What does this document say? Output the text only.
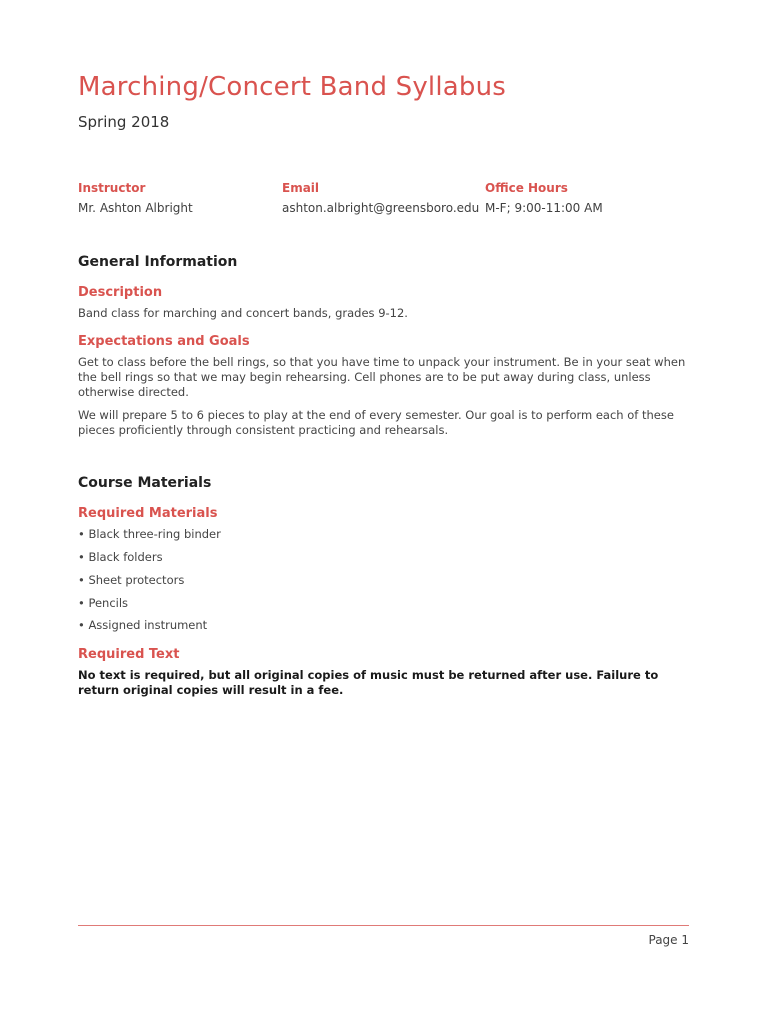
Marching/Concert Band Syllabus
Spring 2018
Instructor
Mr. Ashton Albright
Email
ashton.albright@greensboro.edu
Office Hours
M-F; 9:00-11:00 AM
General Information
Description

Band class for marching and concert bands, grades 9-12.

Expectations and Goals

Get to class before the bell rings, so that you have time to unpack your instrument. Be in your seat when the bell rings so that we may begin rehearsing. Cell phones are to be put away during class, unless otherwise directed.

We will prepare 5 to 6 pieces to play at the end of every semester. Our goal is to perform each of these pieces proficiently through consistent practicing and rehearsals.

Course Materials
Required Materials
• Black three-ring binder
• Black folders
• Sheet protectors
• Pencils
• Assigned instrument
Required Text

No text is required, but all original copies of music must be returned after use. Failure to return original copies will result in a fee.

Page 1
